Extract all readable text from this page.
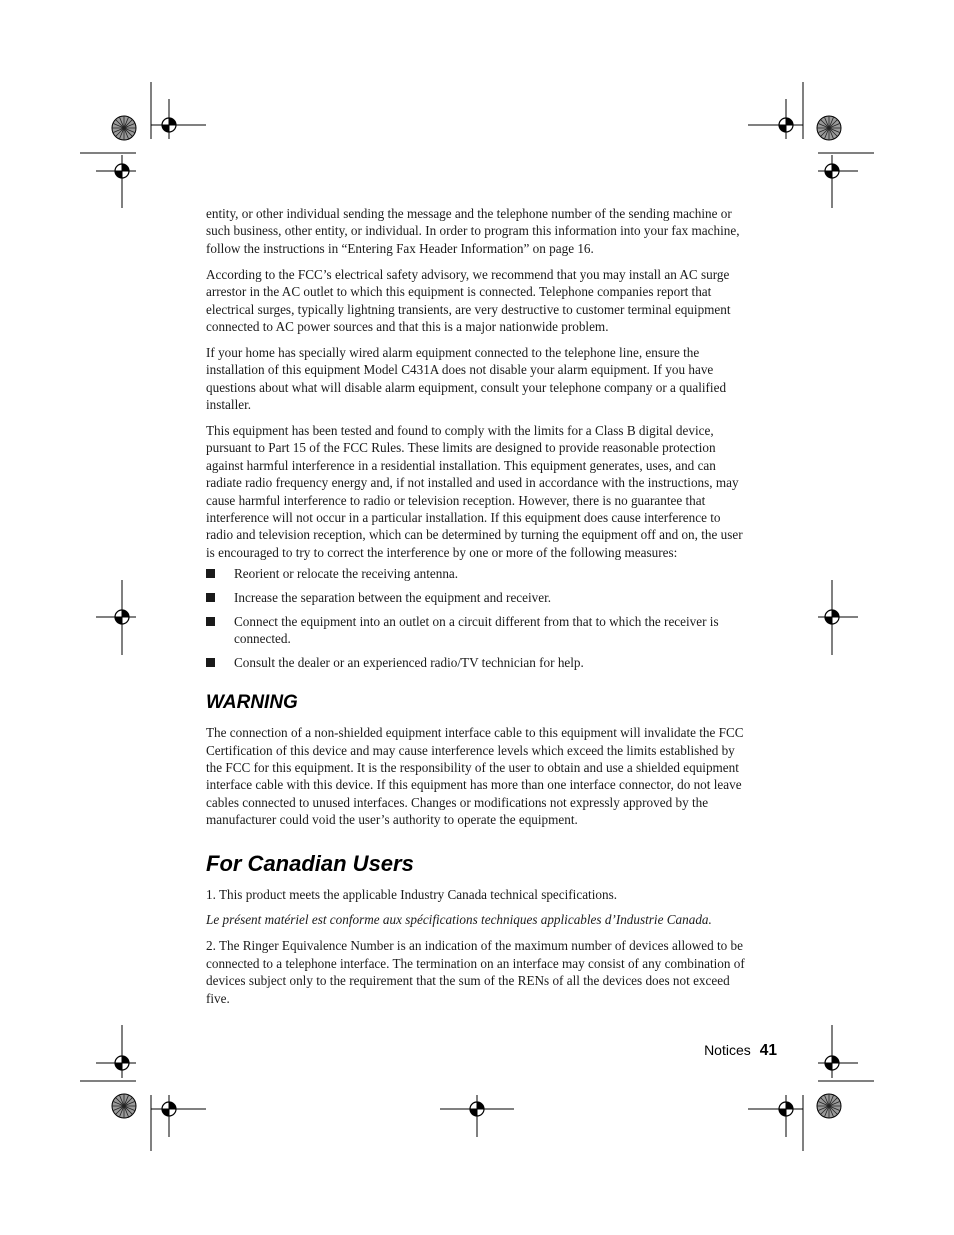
entity, or other individual sending the message and the telephone number of the sending machine or such business, other entity, or individual. In order to program this information into your fax machine, follow the instructions in “Entering Fax Header Information” on page 16.

According to the FCC’s electrical safety advisory, we recommend that you may install an AC surge arrestor in the AC outlet to which this equipment is connected. Telephone companies report that electrical surges, typically lightning transients, are very destructive to customer terminal equipment connected to AC power sources and that this is a major nationwide problem.

If your home has specially wired alarm equipment connected to the telephone line, ensure the installation of this equipment Model C431A does not disable your alarm equipment. If you have questions about what will disable alarm equipment, consult your telephone company or a qualified installer.

This equipment has been tested and found to comply with the limits for a Class B digital device, pursuant to Part 15 of the FCC Rules. These limits are designed to provide reasonable protection against harmful interference in a residential installation. This equipment generates, uses, and can radiate radio frequency energy and, if not installed and used in accordance with the instructions, may cause harmful interference to radio or television reception. However, there is no guarantee that interference will not occur in a particular installation. If this equipment does cause interference to radio and television reception, which can be determined by turning the equipment off and on, the user is encouraged to try to correct the interference by one or more of the following measures:

Reorient or relocate the receiving antenna.
Increase the separation between the equipment and receiver.
Connect the equipment into an outlet on a circuit different from that to which the receiver is connected.
Consult the dealer or an experienced radio/TV technician for help.
WARNING

The connection of a non-shielded equipment interface cable to this equipment will invalidate the FCC Certification of this device and may cause interference levels which exceed the limits established by the FCC for this equipment. It is the responsibility of the user to obtain and use a shielded equipment interface cable with this device. If this equipment has more than one interface connector, do not leave cables connected to unused interfaces. Changes or modifications not expressly approved by the manufacturer could void the user’s authority to operate the equipment.

For Canadian Users

1. This product meets the applicable Industry Canada technical specifications.

Le présent matériel est conforme aux spécifications techniques applicables d’Industrie Canada.

2. The Ringer Equivalence Number is an indication of the maximum number of devices allowed to be connected to a telephone interface. The termination on an interface may consist of any combination of devices subject only to the requirement that the sum of the RENs of all the devices does not exceed five.

Notices 41
